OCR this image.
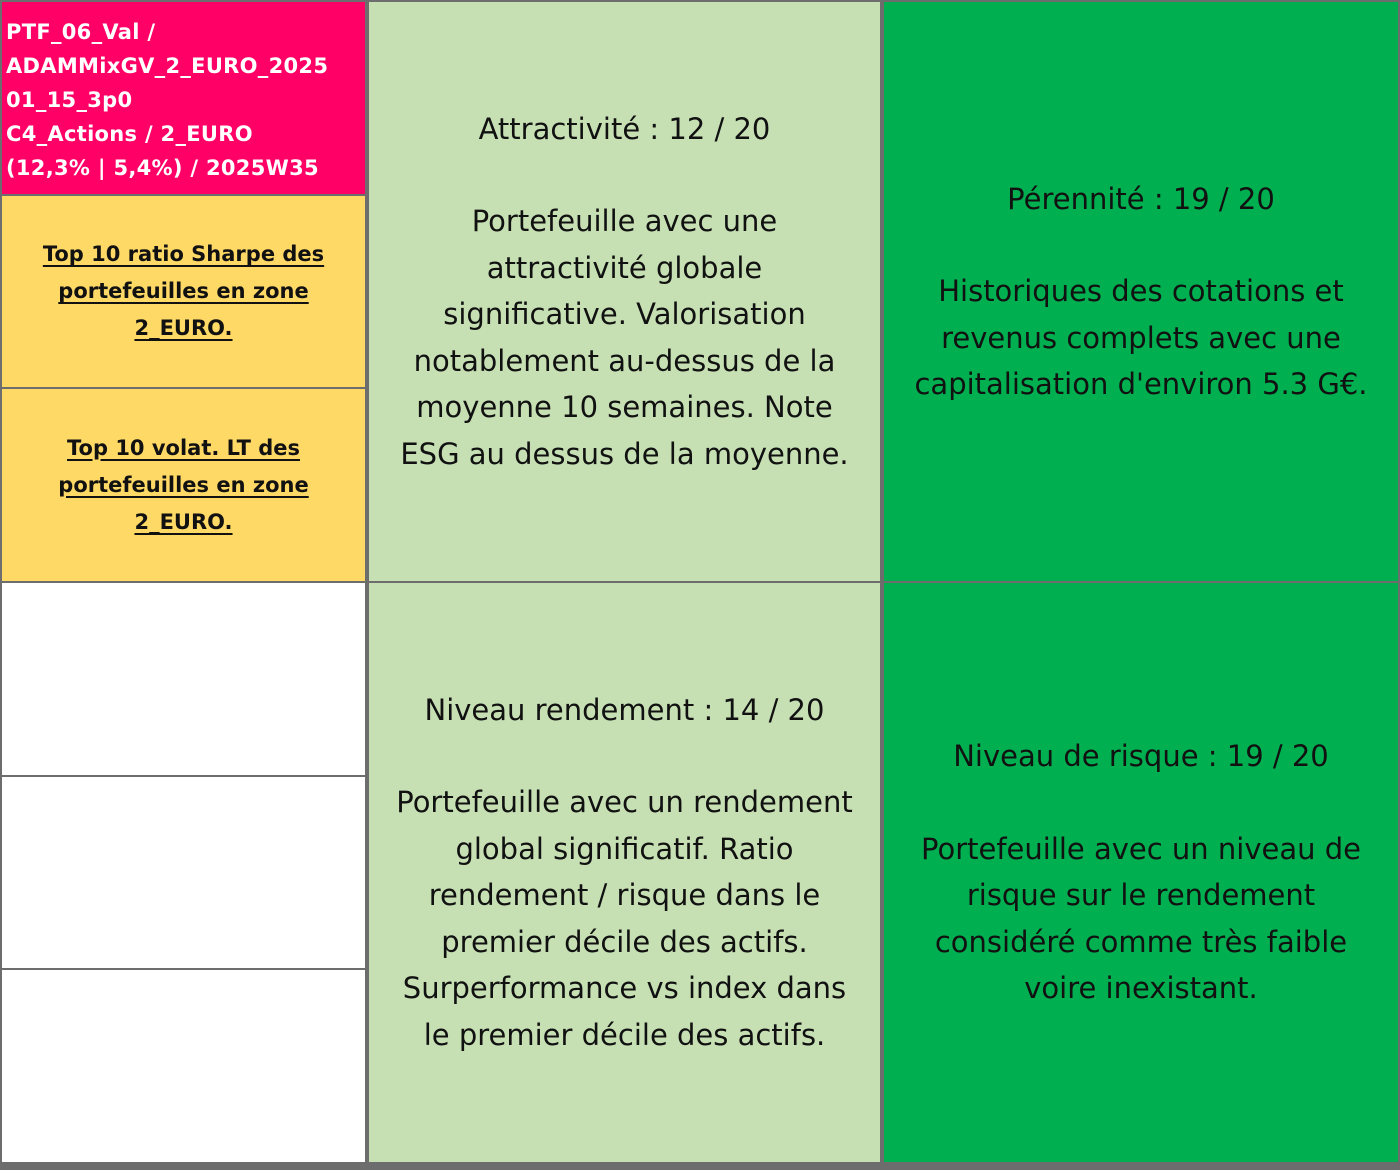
PTF_06_Val /
ADAMMixGV_2_EURO_2025
01_15_3p0
C4_Actions / 2_EURO
(12,3% | 5,4%) / 2025W35
Attractivité : 12 / 20
Portefeuille avec une
attractivité globale
significative. Valorisation
notablement au-dessus de la
moyenne 10 semaines. Note
ESG au dessus de la moyenne.
Pérennité : 19 / 20
Historiques des cotations et
revenus complets avec une
capitalisation d'environ 5.3 G€.
Top 10 ratio Sharpe des portefeuilles en zone 2_EURO.
Top 10 volat. LT des portefeuilles en zone 2_EURO.
Niveau rendement : 14 / 20
Portefeuille avec un rendement
global significatif. Ratio
rendement / risque dans le
premier décile des actifs.
Surperformance vs index dans
le premier décile des actifs.
Niveau de risque : 19 / 20
Portefeuille avec un niveau de
risque sur le rendement
considéré comme très faible
voire inexistant.
